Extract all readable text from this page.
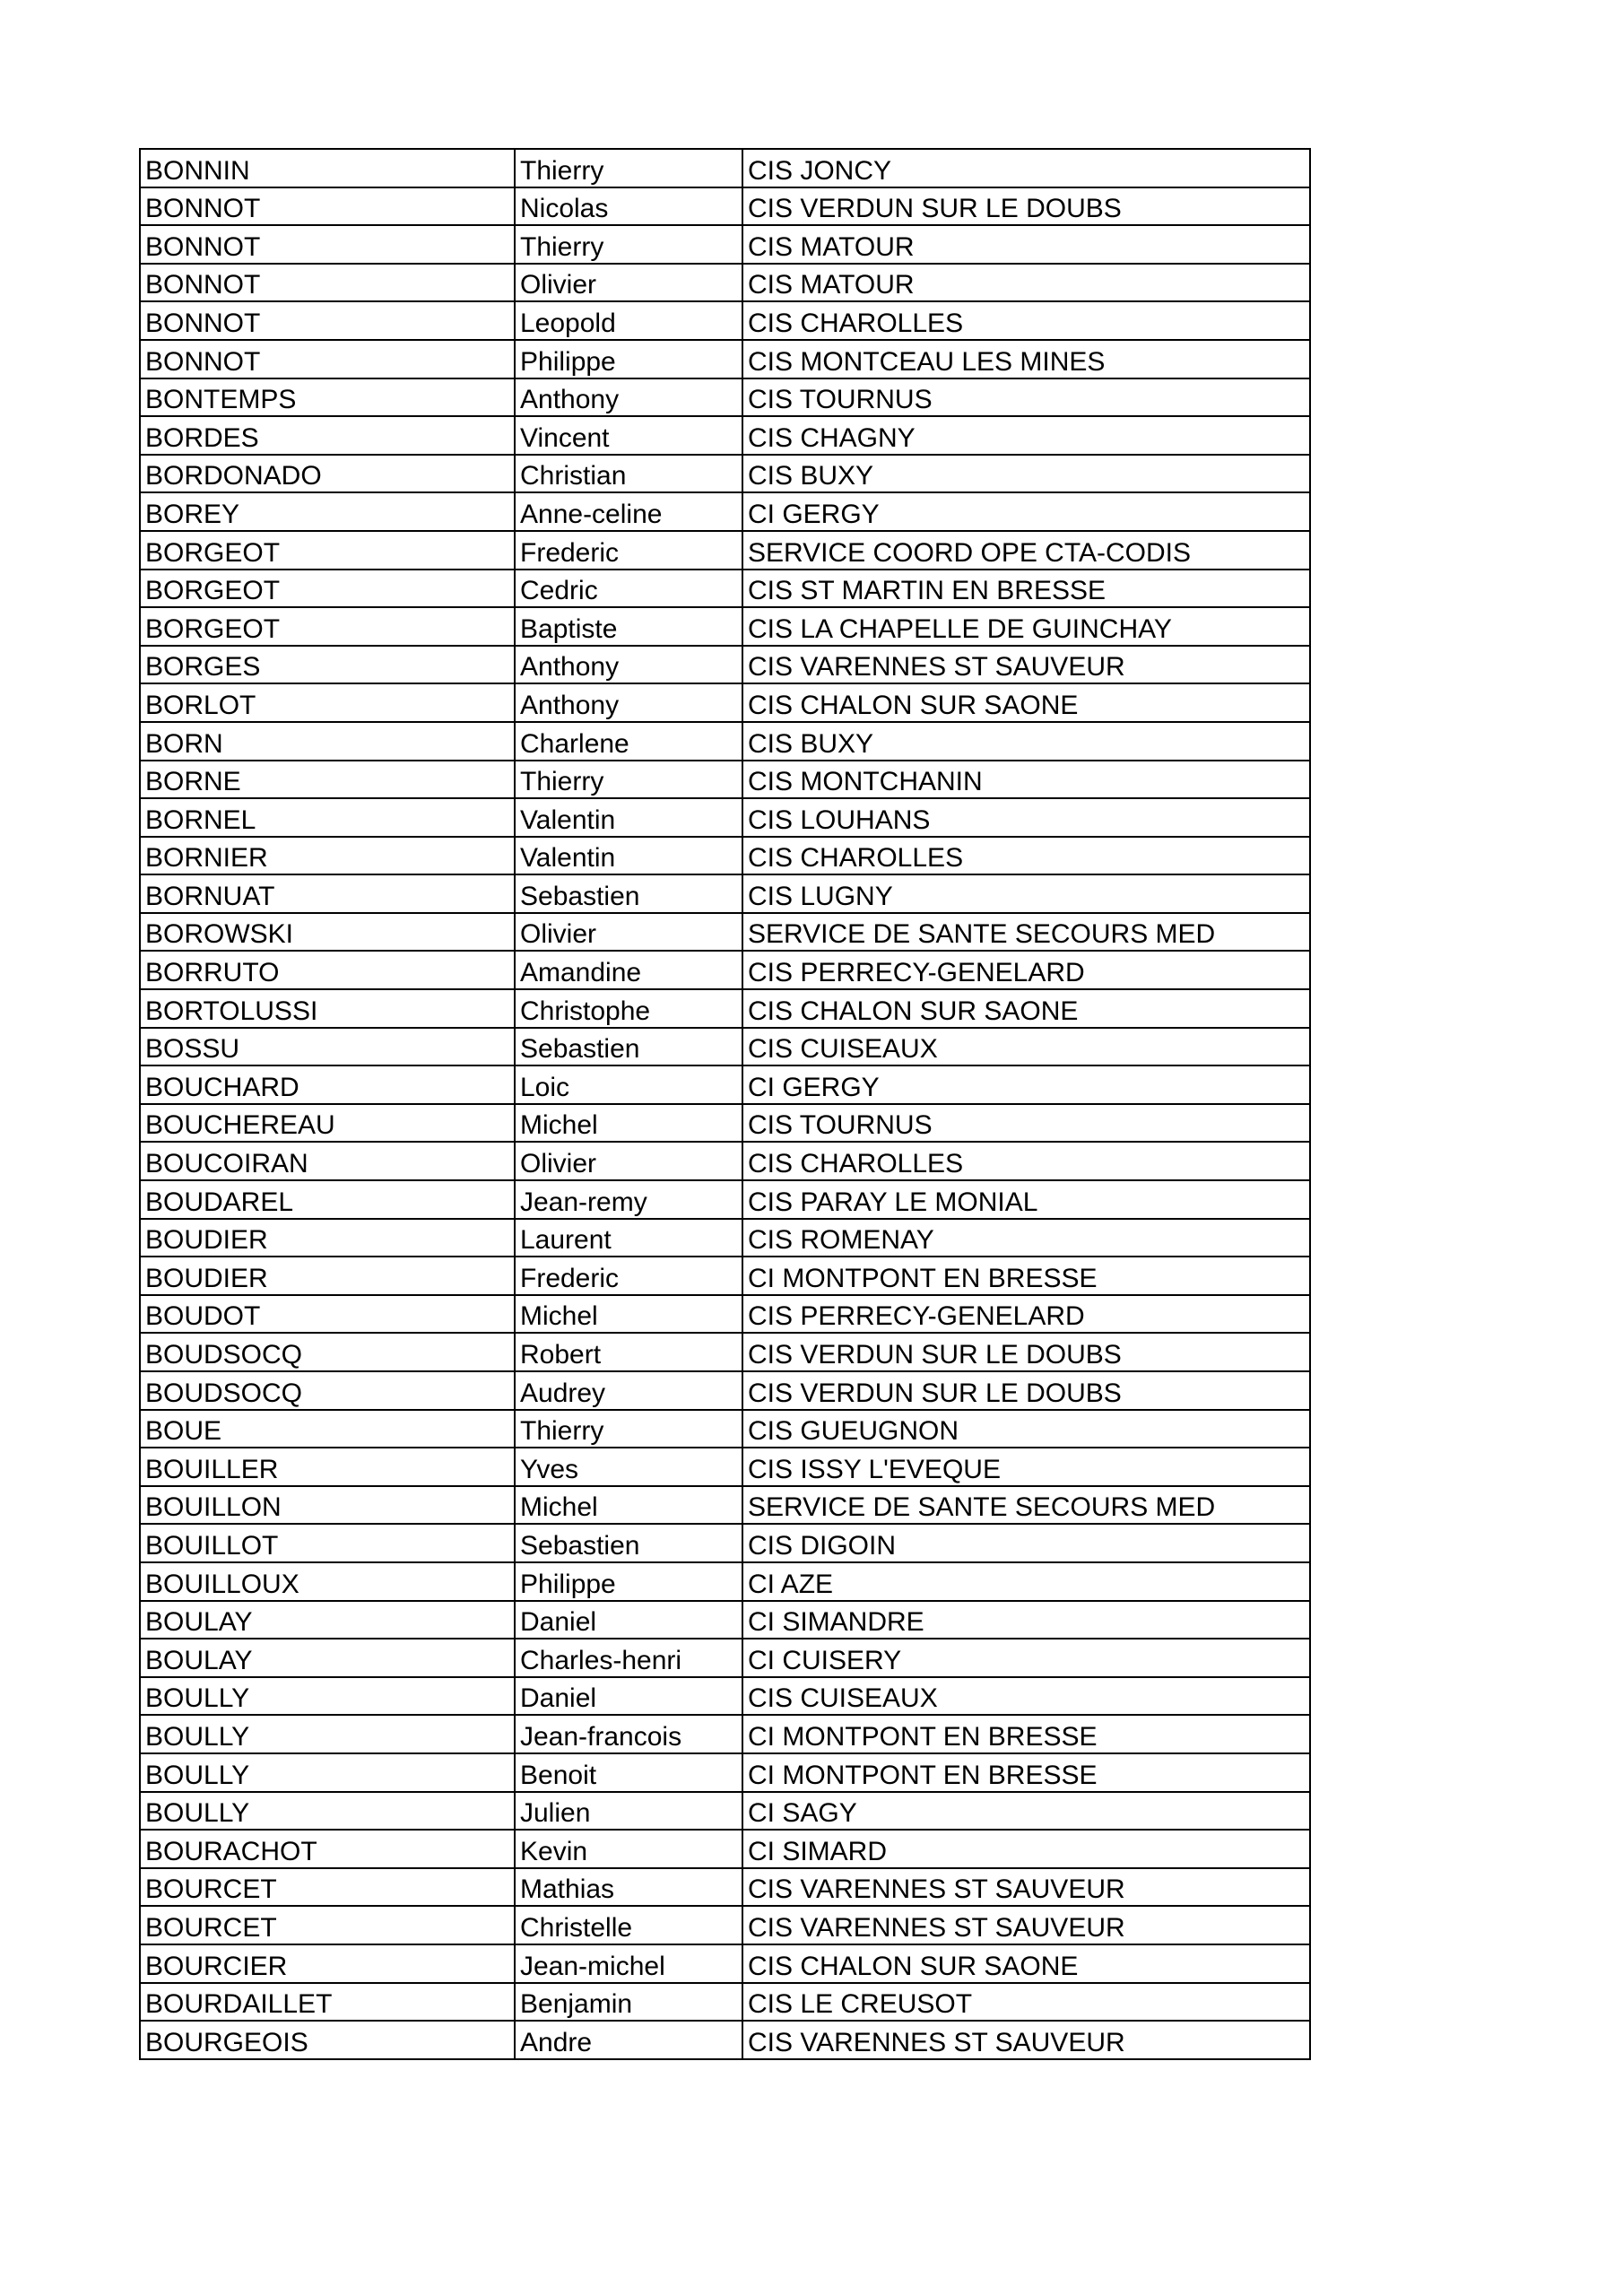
BONNIN	Thierry	CIS JONCY
BONNOT	Nicolas	CIS VERDUN SUR LE DOUBS
BONNOT	Thierry	CIS MATOUR
BONNOT	Olivier	CIS MATOUR
BONNOT	Leopold	CIS CHAROLLES
BONNOT	Philippe	CIS MONTCEAU LES MINES
BONTEMPS	Anthony	CIS TOURNUS
BORDES	Vincent	CIS CHAGNY
BORDONADO	Christian	CIS BUXY
BOREY	Anne-celine	CI GERGY
BORGEOT	Frederic	SERVICE COORD OPE CTA-CODIS
BORGEOT	Cedric	CIS ST MARTIN EN BRESSE
BORGEOT	Baptiste	CIS LA CHAPELLE DE GUINCHAY
BORGES	Anthony	CIS VARENNES ST SAUVEUR
BORLOT	Anthony	CIS CHALON SUR SAONE
BORN	Charlene	CIS BUXY
BORNE	Thierry	CIS MONTCHANIN
BORNEL	Valentin	CIS LOUHANS
BORNIER	Valentin	CIS CHAROLLES
BORNUAT	Sebastien	CIS LUGNY
BOROWSKI	Olivier	SERVICE DE SANTE SECOURS MED
BORRUTO	Amandine	CIS PERRECY-GENELARD
BORTOLUSSI	Christophe	CIS CHALON SUR SAONE
BOSSU	Sebastien	CIS CUISEAUX
BOUCHARD	Loic	CI GERGY
BOUCHEREAU	Michel	CIS TOURNUS
BOUCOIRAN	Olivier	CIS CHAROLLES
BOUDAREL	Jean-remy	CIS PARAY LE MONIAL
BOUDIER	Laurent	CIS ROMENAY
BOUDIER	Frederic	CI MONTPONT EN BRESSE
BOUDOT	Michel	CIS PERRECY-GENELARD
BOUDSOCQ	Robert	CIS VERDUN SUR LE DOUBS
BOUDSOCQ	Audrey	CIS VERDUN SUR LE DOUBS
BOUE	Thierry	CIS GUEUGNON
BOUILLER	Yves	CIS ISSY L'EVEQUE
BOUILLON	Michel	SERVICE DE SANTE SECOURS MED
BOUILLOT	Sebastien	CIS DIGOIN
BOUILLOUX	Philippe	CI AZE
BOULAY	Daniel	CI SIMANDRE
BOULAY	Charles-henri	CI CUISERY
BOULLY	Daniel	CIS CUISEAUX
BOULLY	Jean-francois	CI MONTPONT EN BRESSE
BOULLY	Benoit	CI MONTPONT EN BRESSE
BOULLY	Julien	CI SAGY
BOURACHOT	Kevin	CI SIMARD
BOURCET	Mathias	CIS VARENNES ST SAUVEUR
BOURCET	Christelle	CIS VARENNES ST SAUVEUR
BOURCIER	Jean-michel	CIS CHALON SUR SAONE
BOURDAILLET	Benjamin	CIS LE CREUSOT
BOURGEOIS	Andre	CIS VARENNES ST SAUVEUR
